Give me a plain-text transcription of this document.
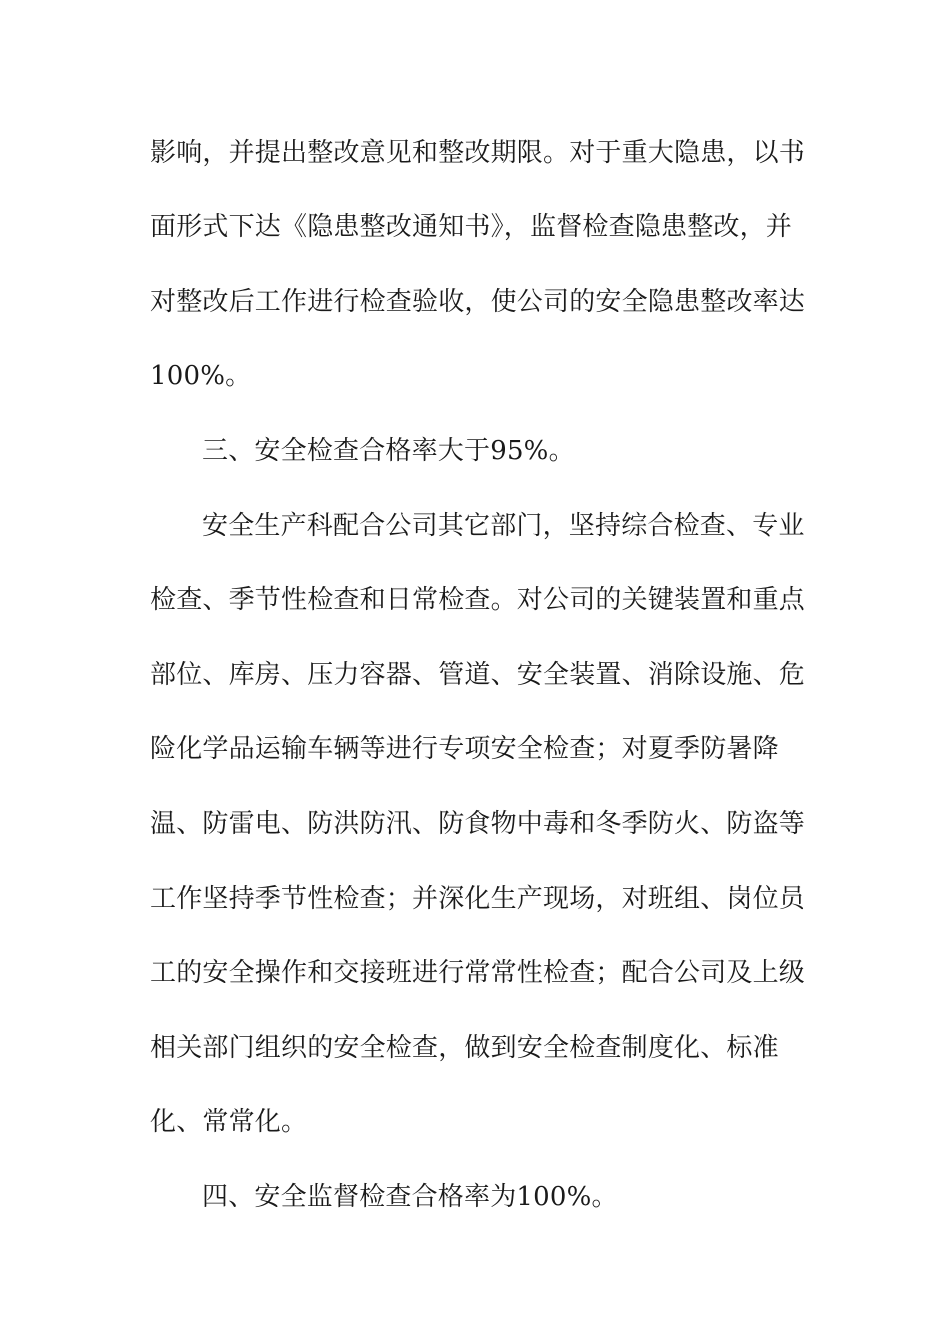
影响，并提出整改意见和整改期限。对于重大隐患，以书
面形式下达《隐患整改通知书》，监督检查隐患整改，并
对整改后工作进行检查验收，使公司的安全隐患整改率达
100%。
三、安全检查合格率大于95%。
安全生产科配合公司其它部门，坚持综合检查、专业
检查、季节性检查和日常检查。对公司的关键装置和重点
部位、库房、压力容器、管道、安全装置、消除设施、危
险化学品运输车辆等进行专项安全检查；对夏季防暑降
温、防雷电、防洪防汛、防食物中毒和冬季防火、防盗等
工作坚持季节性检查；并深化生产现场，对班组、岗位员
工的安全操作和交接班进行常常性检查；配合公司及上级
相关部门组织的安全检查，做到安全检查制度化、标准
化、常常化。
四、安全监督检查合格率为100%。
